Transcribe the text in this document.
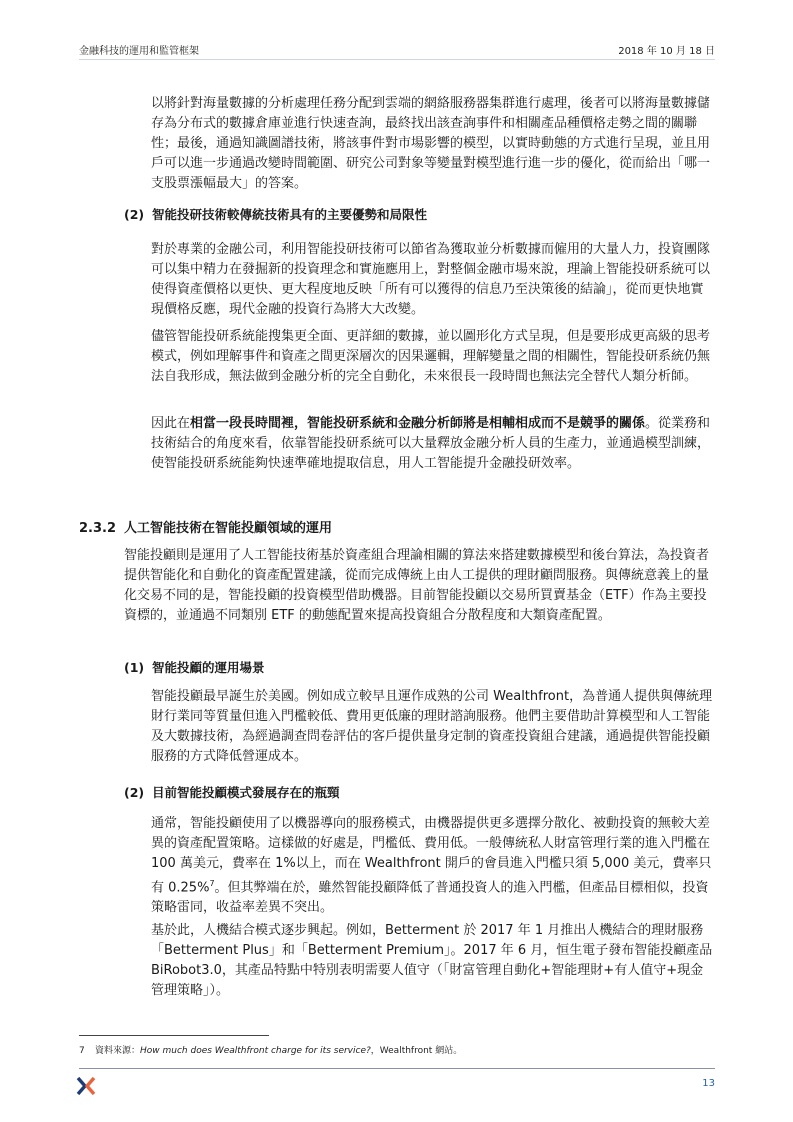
金融科技的運用和監管框架	2018 年 10 月 18 日

以將針對海量數據的分析處理任務分配到雲端的網絡服務器集群進行處理，後者可以將海量數據儲存為分布式的數據倉庫並進行快速查詢，最終找出該查詢事件和相關產品種價格走勢之間的關聯性；最後，通過知識圖譜技術，將該事件對市場影響的模型，以實時動態的方式進行呈現，並且用戶可以進一步通過改變時間範圍、研究公司對象等變量對模型進行進一步的優化，從而給出「哪一支股票漲幅最大」的答案。

(2) 智能投研技術較傳統技術具有的主要優勢和局限性

對於專業的金融公司，利用智能投研技術可以節省為獲取並分析數據而僱用的大量人力，投資團隊可以集中精力在發掘新的投資理念和實施應用上，對整個金融市場來說，理論上智能投研系統可以使得資產價格以更快、更大程度地反映「所有可以獲得的信息乃至決策後的結論」，從而更快地實現價格反應，現代金融的投資行為將大大改變。

儘管智能投研系統能搜集更全面、更詳細的數據，並以圖形化方式呈現，但是要形成更高級的思考模式，例如理解事件和資產之間更深層次的因果邏輯，理解變量之間的相關性，智能投研系統仍無法自我形成，無法做到金融分析的完全自動化，未來很長一段時間也無法完全替代人類分析師。

因此在相當一段長時間裡，智能投研系統和金融分析師將是相輔相成而不是競爭的關係。從業務和技術結合的角度來看，依靠智能投研系統可以大量釋放金融分析人員的生產力，並通過模型訓練，使智能投研系統能夠快速準確地提取信息，用人工智能提升金融投研效率。

2.3.2 人工智能技術在智能投顧領域的運用

智能投顧則是運用了人工智能技術基於資產組合理論相關的算法來搭建數據模型和後台算法，為投資者提供智能化和自動化的資產配置建議，從而完成傳統上由人工提供的理財顧問服務。與傳統意義上的量化交易不同的是，智能投顧的投資模型借助機器。目前智能投顧以交易所買賣基金（ETF）作為主要投資標的，並通過不同類別 ETF 的動態配置來提高投資組合分散程度和大類資產配置。

(1) 智能投顧的運用場景

智能投顧最早誕生於美國。例如成立較早且運作成熟的公司 Wealthfront，為普通人提供與傳統理財行業同等質量但進入門檻較低、費用更低廉的理財諮詢服務。他們主要借助計算模型和人工智能及大數據技術，為經過調查問卷評估的客戶提供量身定制的資產投資組合建議，通過提供智能投顧服務的方式降低營運成本。

(2) 目前智能投顧模式發展存在的瓶頸

通常，智能投顧使用了以機器導向的服務模式，由機器提供更多選擇分散化、被動投資的無較大差異的資產配置策略。這樣做的好處是，門檻低、費用低。一般傳統私人財富管理行業的進入門檻在 100 萬美元，費率在 1%以上，而在 Wealthfront 開戶的會員進入門檻只須 5,000 美元，費率只有 0.25%$^7$。但其弊端在於，雖然智能投顧降低了普通投資人的進入門檻，但產品目標相似，投資策略雷同，收益率差異不突出。

基於此，人機結合模式逐步興起。例如，Betterment 於 2017 年 1 月推出人機結合的理財服務「Betterment Plus」和「Betterment Premium」。2017 年 6 月，恒生電子發布智能投顧產品 BiRobot3.0，其產品特點中特別表明需要人值守（「財富管理自動化+智能理財+有人值守+現金管理策略」）。

7 資料來源：How much does Wealthfront charge for its service?，Wealthfront 網站。
13
